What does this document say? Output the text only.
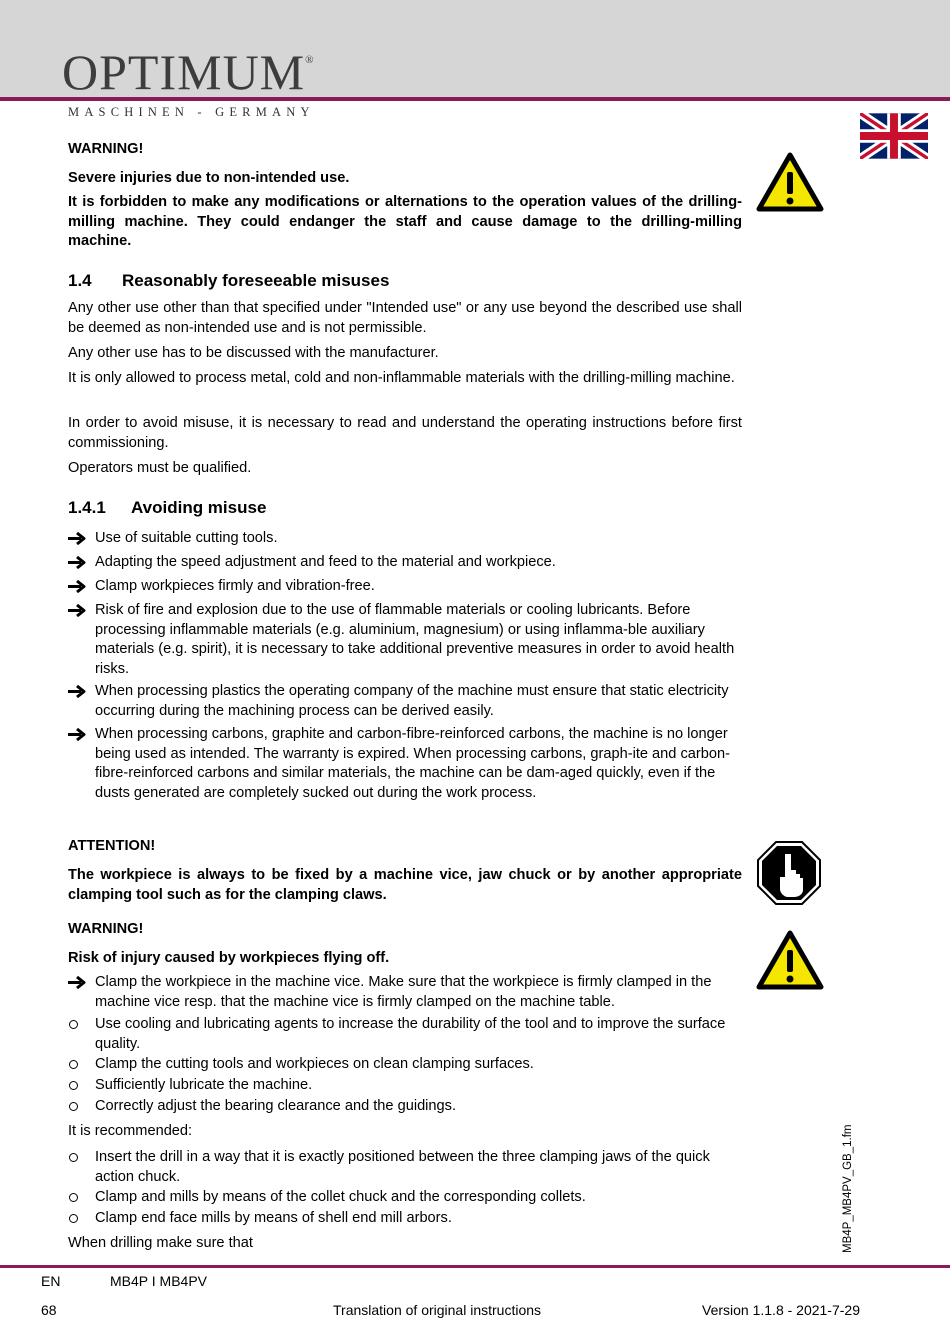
OPTIMUM®
MASCHINEN - GERMANY
WARNING!
Severe injuries due to non-intended use.
It is forbidden to make any modifications or alternations to the operation values of the drilling-milling machine. They could endanger the staff and cause damage to the drilling-milling machine.
1.4 Reasonably foreseeable misuses
Any other use other than that specified under "Intended use" or any use beyond the described use shall be deemed as non-intended use and is not permissible.
Any other use has to be discussed with the manufacturer.
It is only allowed to process metal, cold and non-inflammable materials with the drilling-milling machine.
In order to avoid misuse, it is necessary to read and understand the operating instructions before first commissioning.
Operators must be qualified.
1.4.1 Avoiding misuse
Use of suitable cutting tools.
Adapting the speed adjustment and feed to the material and workpiece.
Clamp workpieces firmly and vibration-free.
Risk of fire and explosion due to the use of flammable materials or cooling lubricants. Before processing inflammable materials (e.g. aluminium, magnesium) or using inflamma-ble auxiliary materials (e.g. spirit), it is necessary to take additional preventive measures in order to avoid health risks.
When processing plastics the operating company of the machine must ensure that static electricity occurring during the machining process can be derived easily.
When processing carbons, graphite and carbon-fibre-reinforced carbons, the machine is no longer being used as intended. The warranty is expired. When processing carbons, graph-ite and carbon-fibre-reinforced carbons and similar materials, the machine can be dam-aged quickly, even if the dusts generated are completely sucked out during the work process.
ATTENTION!
The workpiece is always to be fixed by a machine vice, jaw chuck or by another appropriate clamping tool such as for the clamping claws.
WARNING!
Risk of injury caused by workpieces flying off.
Clamp the workpiece in the machine vice. Make sure that the workpiece is firmly clamped in the machine vice resp. that the machine vice is firmly clamped on the machine table.
Use cooling and lubricating agents to increase the durability of the tool and to improve the surface quality.
Clamp the cutting tools and workpieces on clean clamping surfaces.
Sufficiently lubricate the machine.
Correctly adjust the bearing clearance and the guidings.
It is recommended:
Insert the drill in a way that it is exactly positioned between the three clamping jaws of the quick action chuck.
Clamp and mills by means of the collet chuck and the corresponding collets.
Clamp end face mills by means of shell end mill arbors.
When drilling make sure that	MB4P_MB4PV_GB_1.fm
EN	MB4P I MB4PV
68	Translation of original instructions	Version 1.1.8 - 2021-7-29
